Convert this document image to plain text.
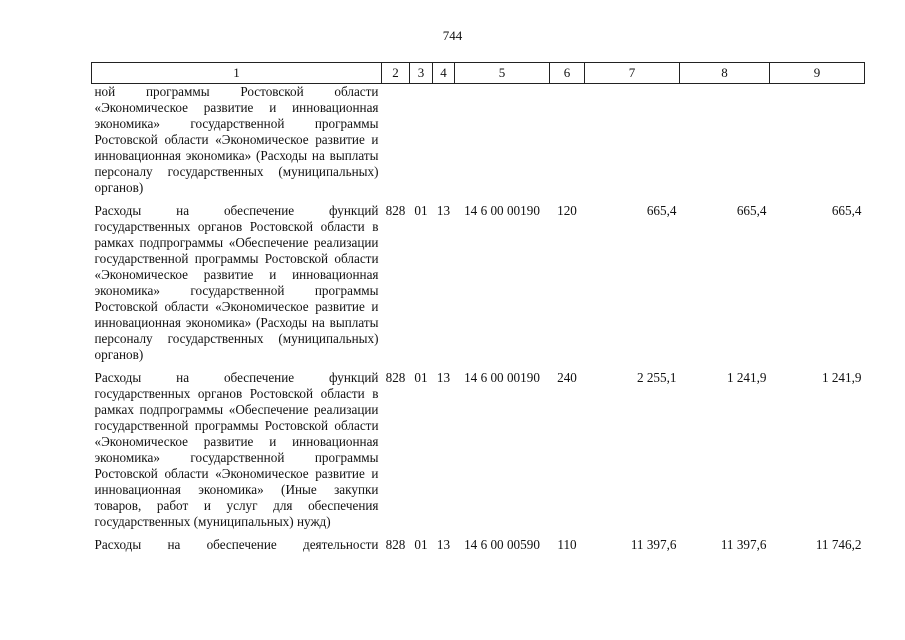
744
1	2	3	4	5	6	7	8	9
ной программы Ростовской области «Экономическое развитие и инновационная экономика» государственной программы Ростовской области «Экономическое развитие и инновационная экономика» (Расходы на выплаты персоналу государственных (муниципальных) органов)								
Расходы на обеспечение функций государственных органов Ростовской области в рамках подпрограммы «Обеспечение реализации государственной программы Ростовской области «Экономическое развитие и инновационная экономика» государственной программы Ростовской области «Экономическое развитие и инновационная экономика» (Расходы на выплаты персоналу государственных (муниципальных) органов)	828	01	13	14 6 00 00190	120	665,4	665,4	665,4
Расходы на обеспечение функций государственных органов Ростовской области в рамках подпрограммы «Обеспечение реализации государственной программы Ростовской области «Экономическое развитие и инновационная экономика» государственной программы Ростовской области «Экономическое развитие и инновационная экономика» (Иные закупки товаров, работ и услуг для обеспечения государственных (муниципальных) нужд)	828	01	13	14 6 00 00190	240	2 255,1	1 241,9	1 241,9
Расходы на обеспечение деятельности	828	01	13	14 6 00 00590	110	11 397,6	11 397,6	11 746,2
